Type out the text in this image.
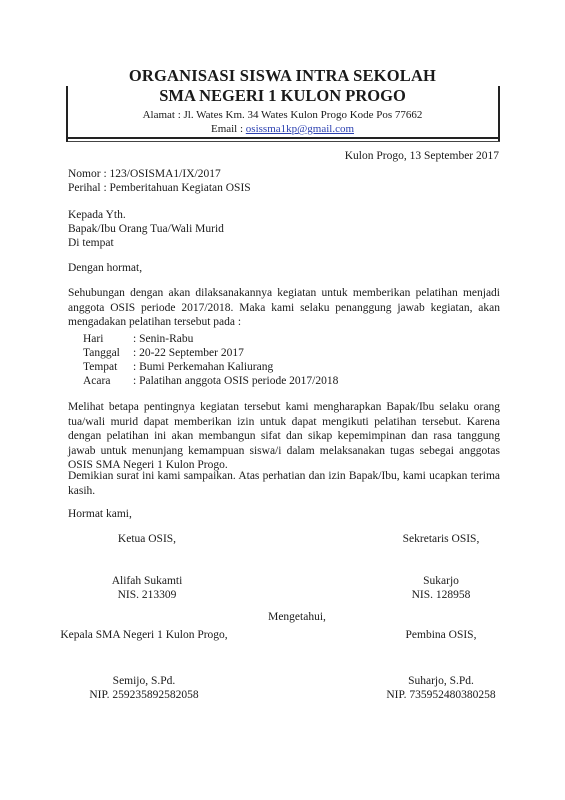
ORGANISASI SISWA INTRA SEKOLAH
SMA NEGERI 1 KULON PROGO
Alamat : Jl. Wates Km. 34 Wates Kulon Progo Kode Pos 77662
Email : osissma1kp@gmail.com
Kulon Progo, 13 September 2017
Nomor : 123/OSISMA1/IX/2017
Perihal : Pemberitahuan Kegiatan OSIS
Kepada Yth.
Bapak/Ibu Orang Tua/Wali Murid
Di tempat
Dengan hormat,
Sehubungan dengan akan dilaksanakannya kegiatan untuk memberikan pelatihan menjadi anggota OSIS periode 2017/2018. Maka kami selaku penanggung jawab kegiatan, akan mengadakan pelatihan tersebut pada :
Hari	: Senin-Rabu
Tanggal : 20-22 September 2017
Tempat : Bumi Perkemahan Kaliurang
Acara : Palatihan anggota OSIS periode 2017/2018
Melihat betapa pentingnya kegiatan tersebut kami mengharapkan Bapak/Ibu selaku orang tua/wali murid dapat memberikan izin untuk dapat mengikuti pelatihan tersebut. Karena dengan pelatihan ini akan membangun sifat dan sikap kepemimpinan dan rasa tanggung jawab untuk menunjang kemampuan siswa/i dalam melaksanakan tugas sebegai anggotas OSIS SMA Negeri 1 Kulon Progo.
Demikian surat ini kami sampaikan. Atas perhatian dan izin Bapak/Ibu, kami ucapkan terima kasih.
Hormat kami,
Ketua OSIS,
Alifah Sukamti
NIS. 213309
Sekretaris OSIS,
Sukarjo
NIS. 128958
Mengetahui,
Kepala SMA Negeri 1 Kulon Progo,
Semijo, S.Pd.
NIP. 259235892582058
Pembina OSIS,
Suharjo, S.Pd.
NIP. 735952480380258
